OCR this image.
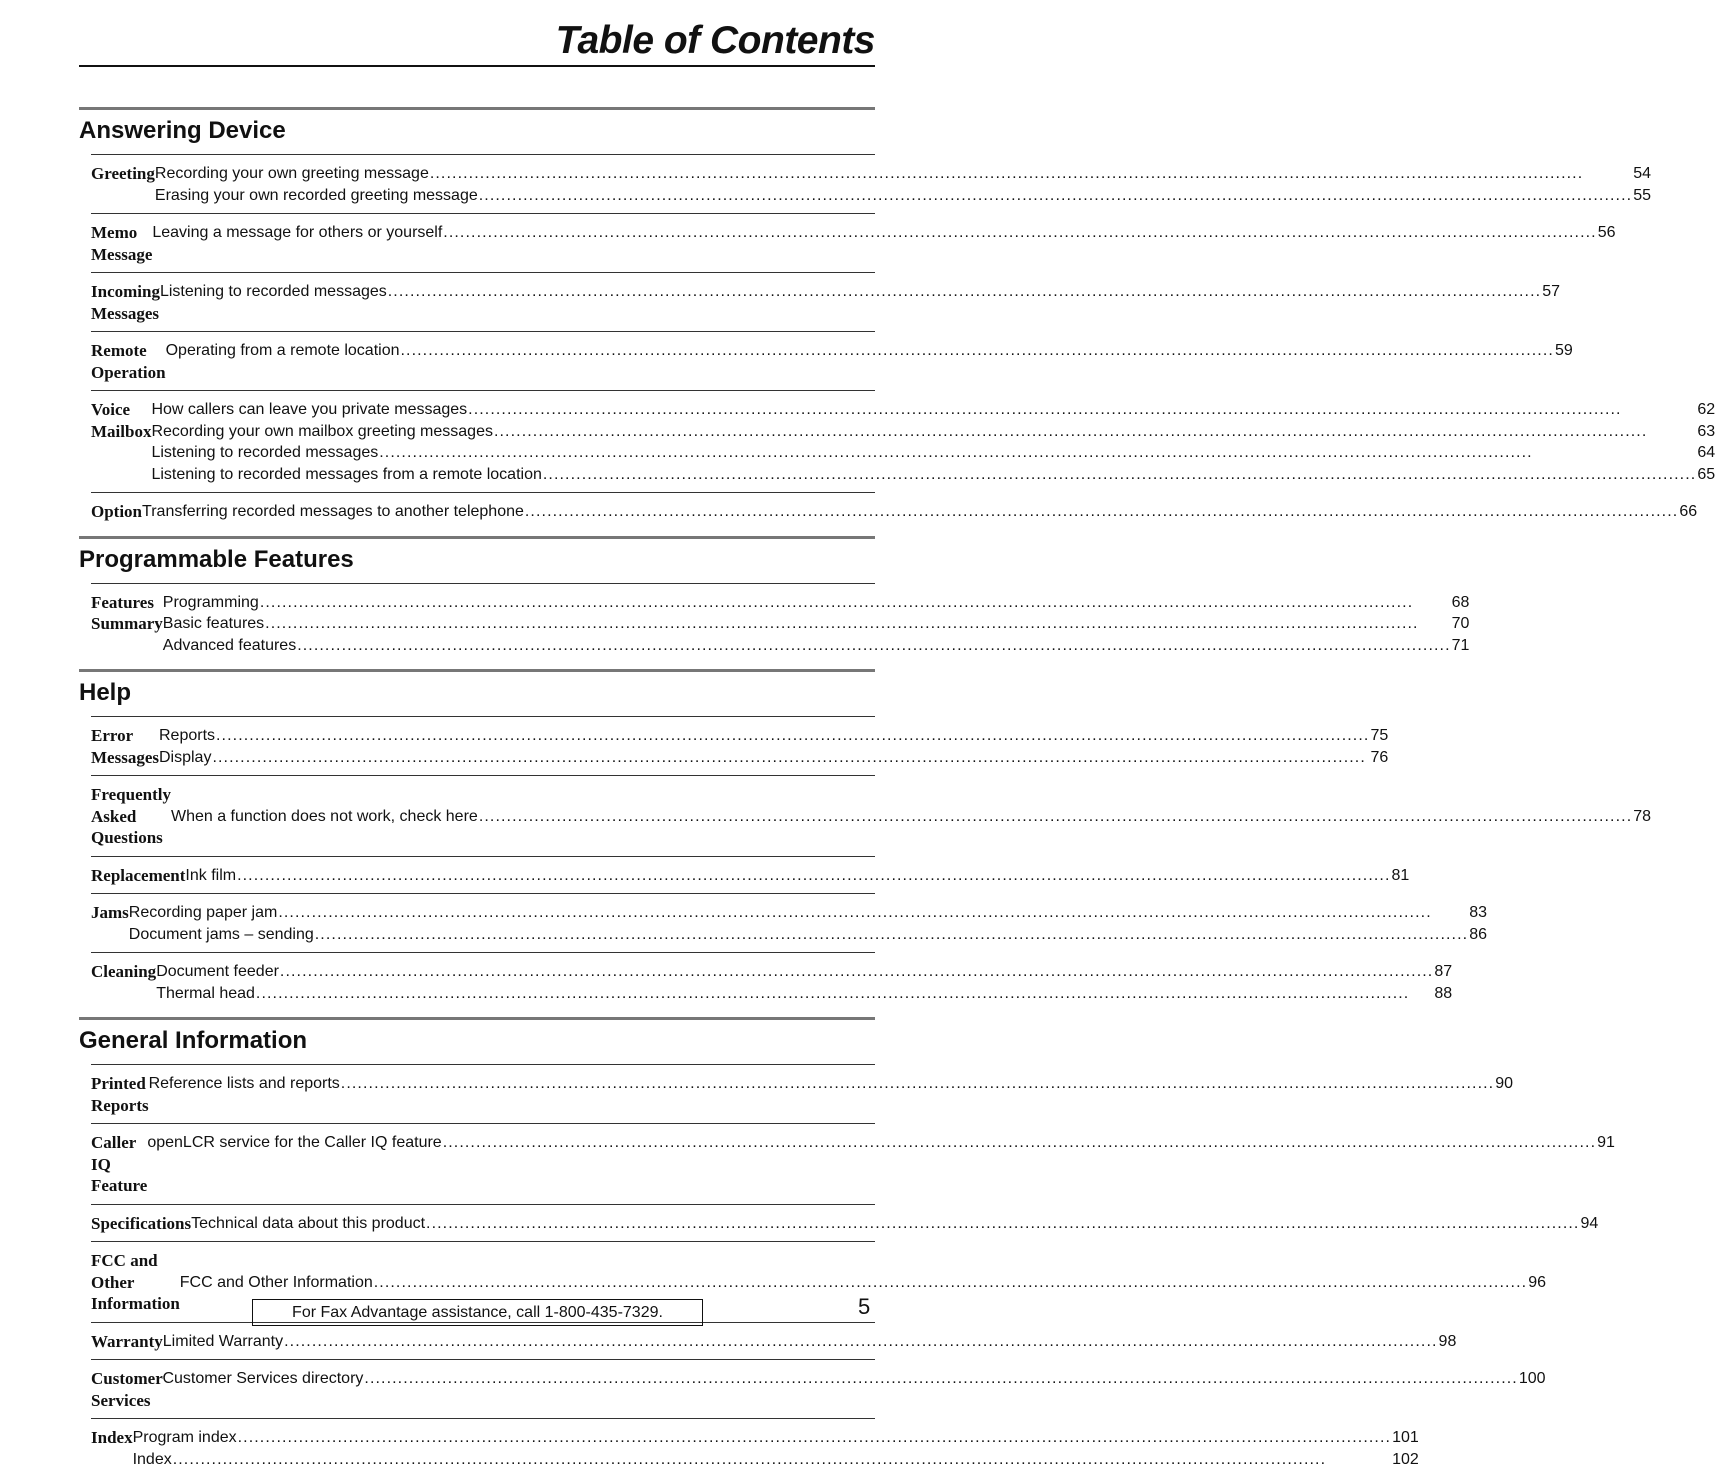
Table of Contents
Answering Device
Greeting Recording your own greeting message .....	54
Erasing your own recorded greeting message .....	55
Memo Message
Leaving a message for others or yourself .....	56
Incoming Messages
Listening to recorded messages .....	57
Remote Operation
Operating from a remote location .....	59
Voice Mailbox
How callers can leave you private messages .....	62
Recording your own mailbox greeting messages .....	63
Listening to recorded messages .....	64
Listening to recorded messages from a remote location .....	65
Option Transferring recorded messages to another telephone .....	66
Programmable Features
Features Summary
Programming .....	68
Basic features .....	70
Advanced features .....	71
Help
Error Messages
Reports .....	75
Display .....	76
Frequently Asked
Questions
When a function does not work, check here .....	78
Replacement Ink film .....	81
Jams Recording paper jam .....	83
Document jams – sending .....	86
Cleaning Document feeder .....	87
Thermal head .....	88
General Information
Printed Reports
Reference lists and reports .....	90
Caller IQ Feature
openLCR service for the Caller IQ feature .....	91
Specifications Technical data about this product .....	94
FCC and
Other Information
FCC and Other Information .....	96
Warranty Limited Warranty .....	98
Customer Services
Customer Services directory .....	100
Index Program index .....	101
Index .....	102
For Fax Advantage assistance, call 1-800-435-7329.	5
